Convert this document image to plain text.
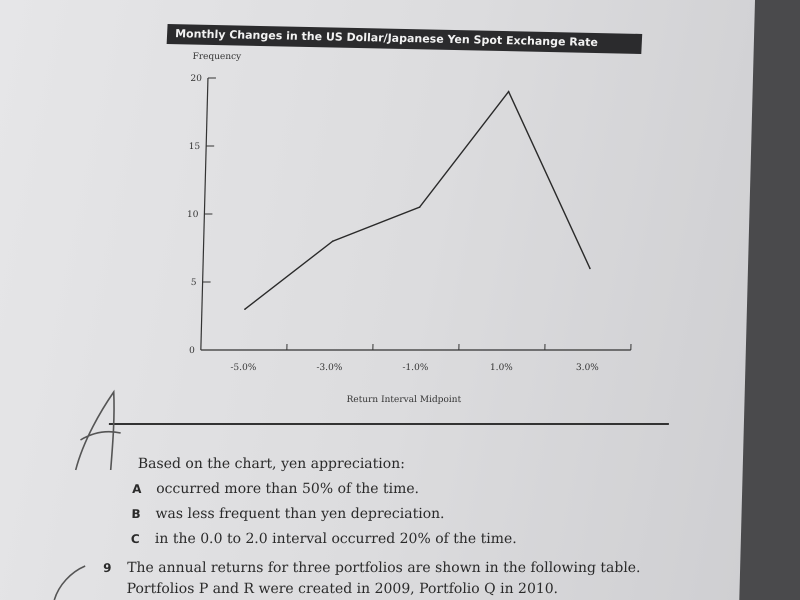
Monthly Changes in the US Dollar/Japanese Yen Spot Exchange Rate
Frequency
0
5
10
15
20
-5.0%	-3.0%	-1.0%	1.0%	3.0%
Return Interval Midpoint
Based on the chart, yen appreciation:
A occurred more than 50% of the time.
B was less frequent than yen depreciation.
C in the 0.0 to 2.0 interval occurred 20% of the time.
9 The annual returns for three portfolios are shown in the following table.
Portfolios P and R were created in 2009, Portfolio Q in 2010.
